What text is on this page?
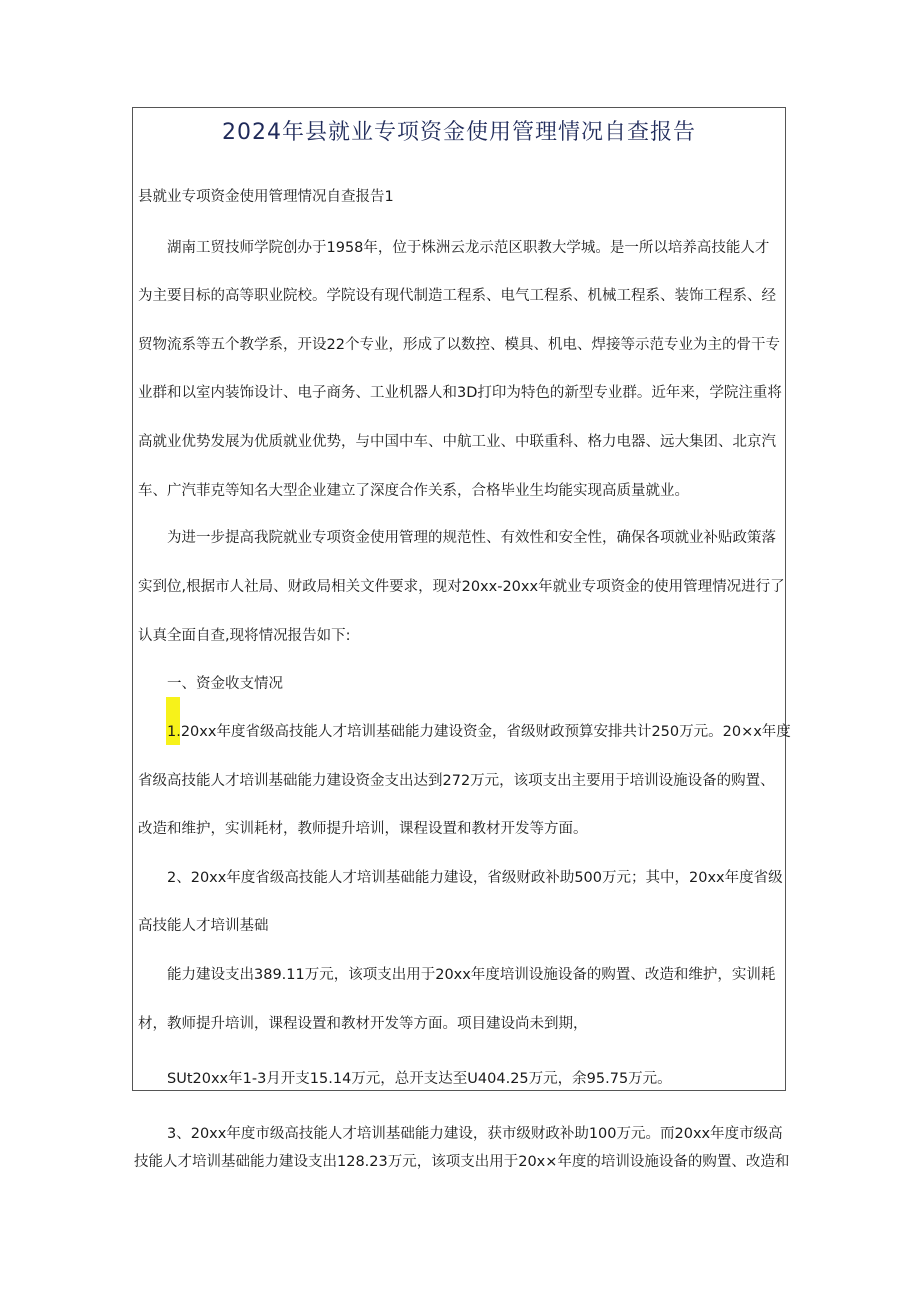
2024年县就业专项资金使用管理情况自查报告

县就业专项资金使用管理情况自查报告1

湖南工贸技师学院创办于1958年，位于株洲云龙示范区职教大学城。是一所以培养高技能人才

为主要目标的高等职业院校。学院设有现代制造工程系、电气工程系、机械工程系、装饰工程系、经

贸物流系等五个教学系，开设22个专业，形成了以数控、模具、机电、焊接等示范专业为主的骨干专

业群和以室内装饰设计、电子商务、工业机器人和3D打印为特色的新型专业群。近年来，学院注重将

高就业优势发展为优质就业优势，与中国中车、中航工业、中联重科、格力电器、远大集团、北京汽

车、广汽菲克等知名大型企业建立了深度合作关系，合格毕业生均能实现高质量就业。

为进一步提高我院就业专项资金使用管理的规范性、有效性和安全性，确保各项就业补贴政策落

实到位,根据市人社局、财政局相关文件要求，现对20xx-20xx年就业专项资金的使用管理情况进行了

认真全面自查,现将情况报告如下:

一、资金收支情况

1.20xx年度省级高技能人才培训基础能力建设资金，省级财政预算安排共计250万元。20×x年度

省级高技能人才培训基础能力建设资金支出达到272万元，该项支出主要用于培训设施设备的购置、

改造和维护，实训耗材，教师提升培训，课程设置和教材开发等方面。

2、20xx年度省级高技能人才培训基础能力建设，省级财政补助500万元；其中，20xx年度省级

高技能人才培训基础

能力建设支出389.11万元，该项支出用于20xx年度培训设施设备的购置、改造和维护，实训耗

材，教师提升培训，课程设置和教材开发等方面。项目建设尚未到期，

SUt20xx年1-3月开支15.14万元，总开支达至U404.25万元，余95.75万元。

3、20xx年度市级高技能人才培训基础能力建设，获市级财政补助100万元。而20xx年度市级高

技能人才培训基础能力建设支出128.23万元，该项支出用于20x×年度的培训设施设备的购置、改造和
